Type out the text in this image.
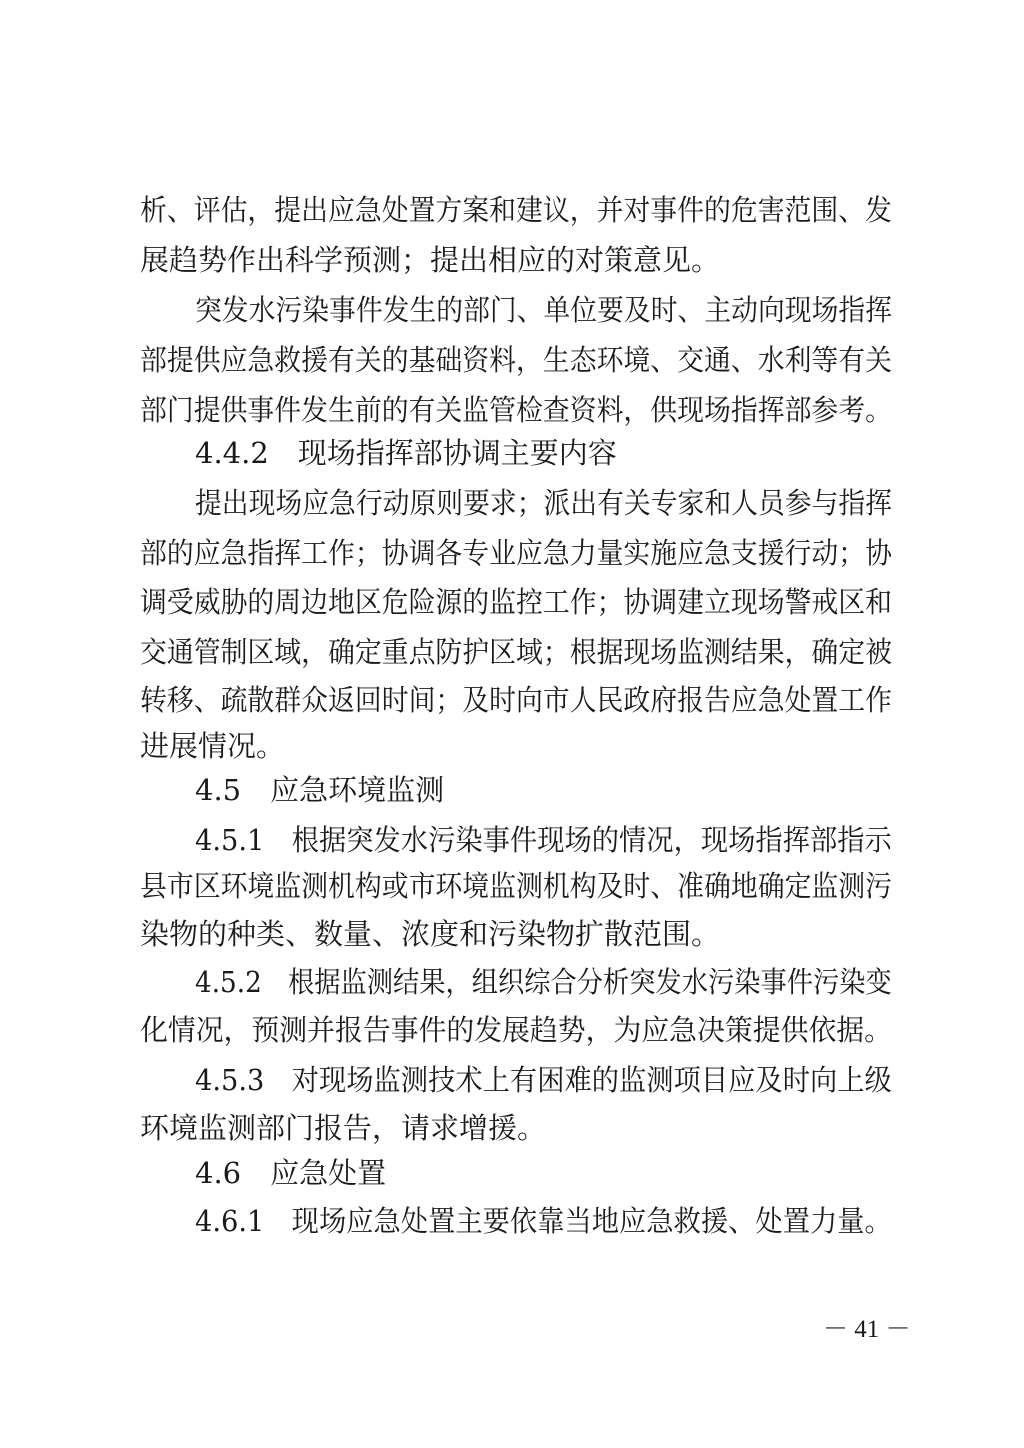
析、评估，提出应急处置方案和建议，并对事件的危害范围、发
展趋势作出科学预测；提出相应的对策意见。
突发水污染事件发生的部门、单位要及时、主动向现场指挥
部提供应急救援有关的基础资料，生态环境、交通、水利等有关
部门提供事件发生前的有关监管检查资料，供现场指挥部参考。
4.4.2　现场指挥部协调主要内容
提出现场应急行动原则要求；派出有关专家和人员参与指挥
部的应急指挥工作；协调各专业应急力量实施应急支援行动；协
调受威胁的周边地区危险源的监控工作；协调建立现场警戒区和
交通管制区域，确定重点防护区域；根据现场监测结果，确定被
转移、疏散群众返回时间；及时向市人民政府报告应急处置工作
进展情况。
4.5　应急环境监测
4.5.1　根据突发水污染事件现场的情况，现场指挥部指示
县市区环境监测机构或市环境监测机构及时、准确地确定监测污
染物的种类、数量、浓度和污染物扩散范围。
4.5.2　根据监测结果，组织综合分析突发水污染事件污染变
化情况，预测并报告事件的发展趋势，为应急决策提供依据。
4.5.3　对现场监测技术上有困难的监测项目应及时向上级
环境监测部门报告，请求增援。
4.6　应急处置
4.6.1　现场应急处置主要依靠当地应急救援、处置力量。
－ 41 －
